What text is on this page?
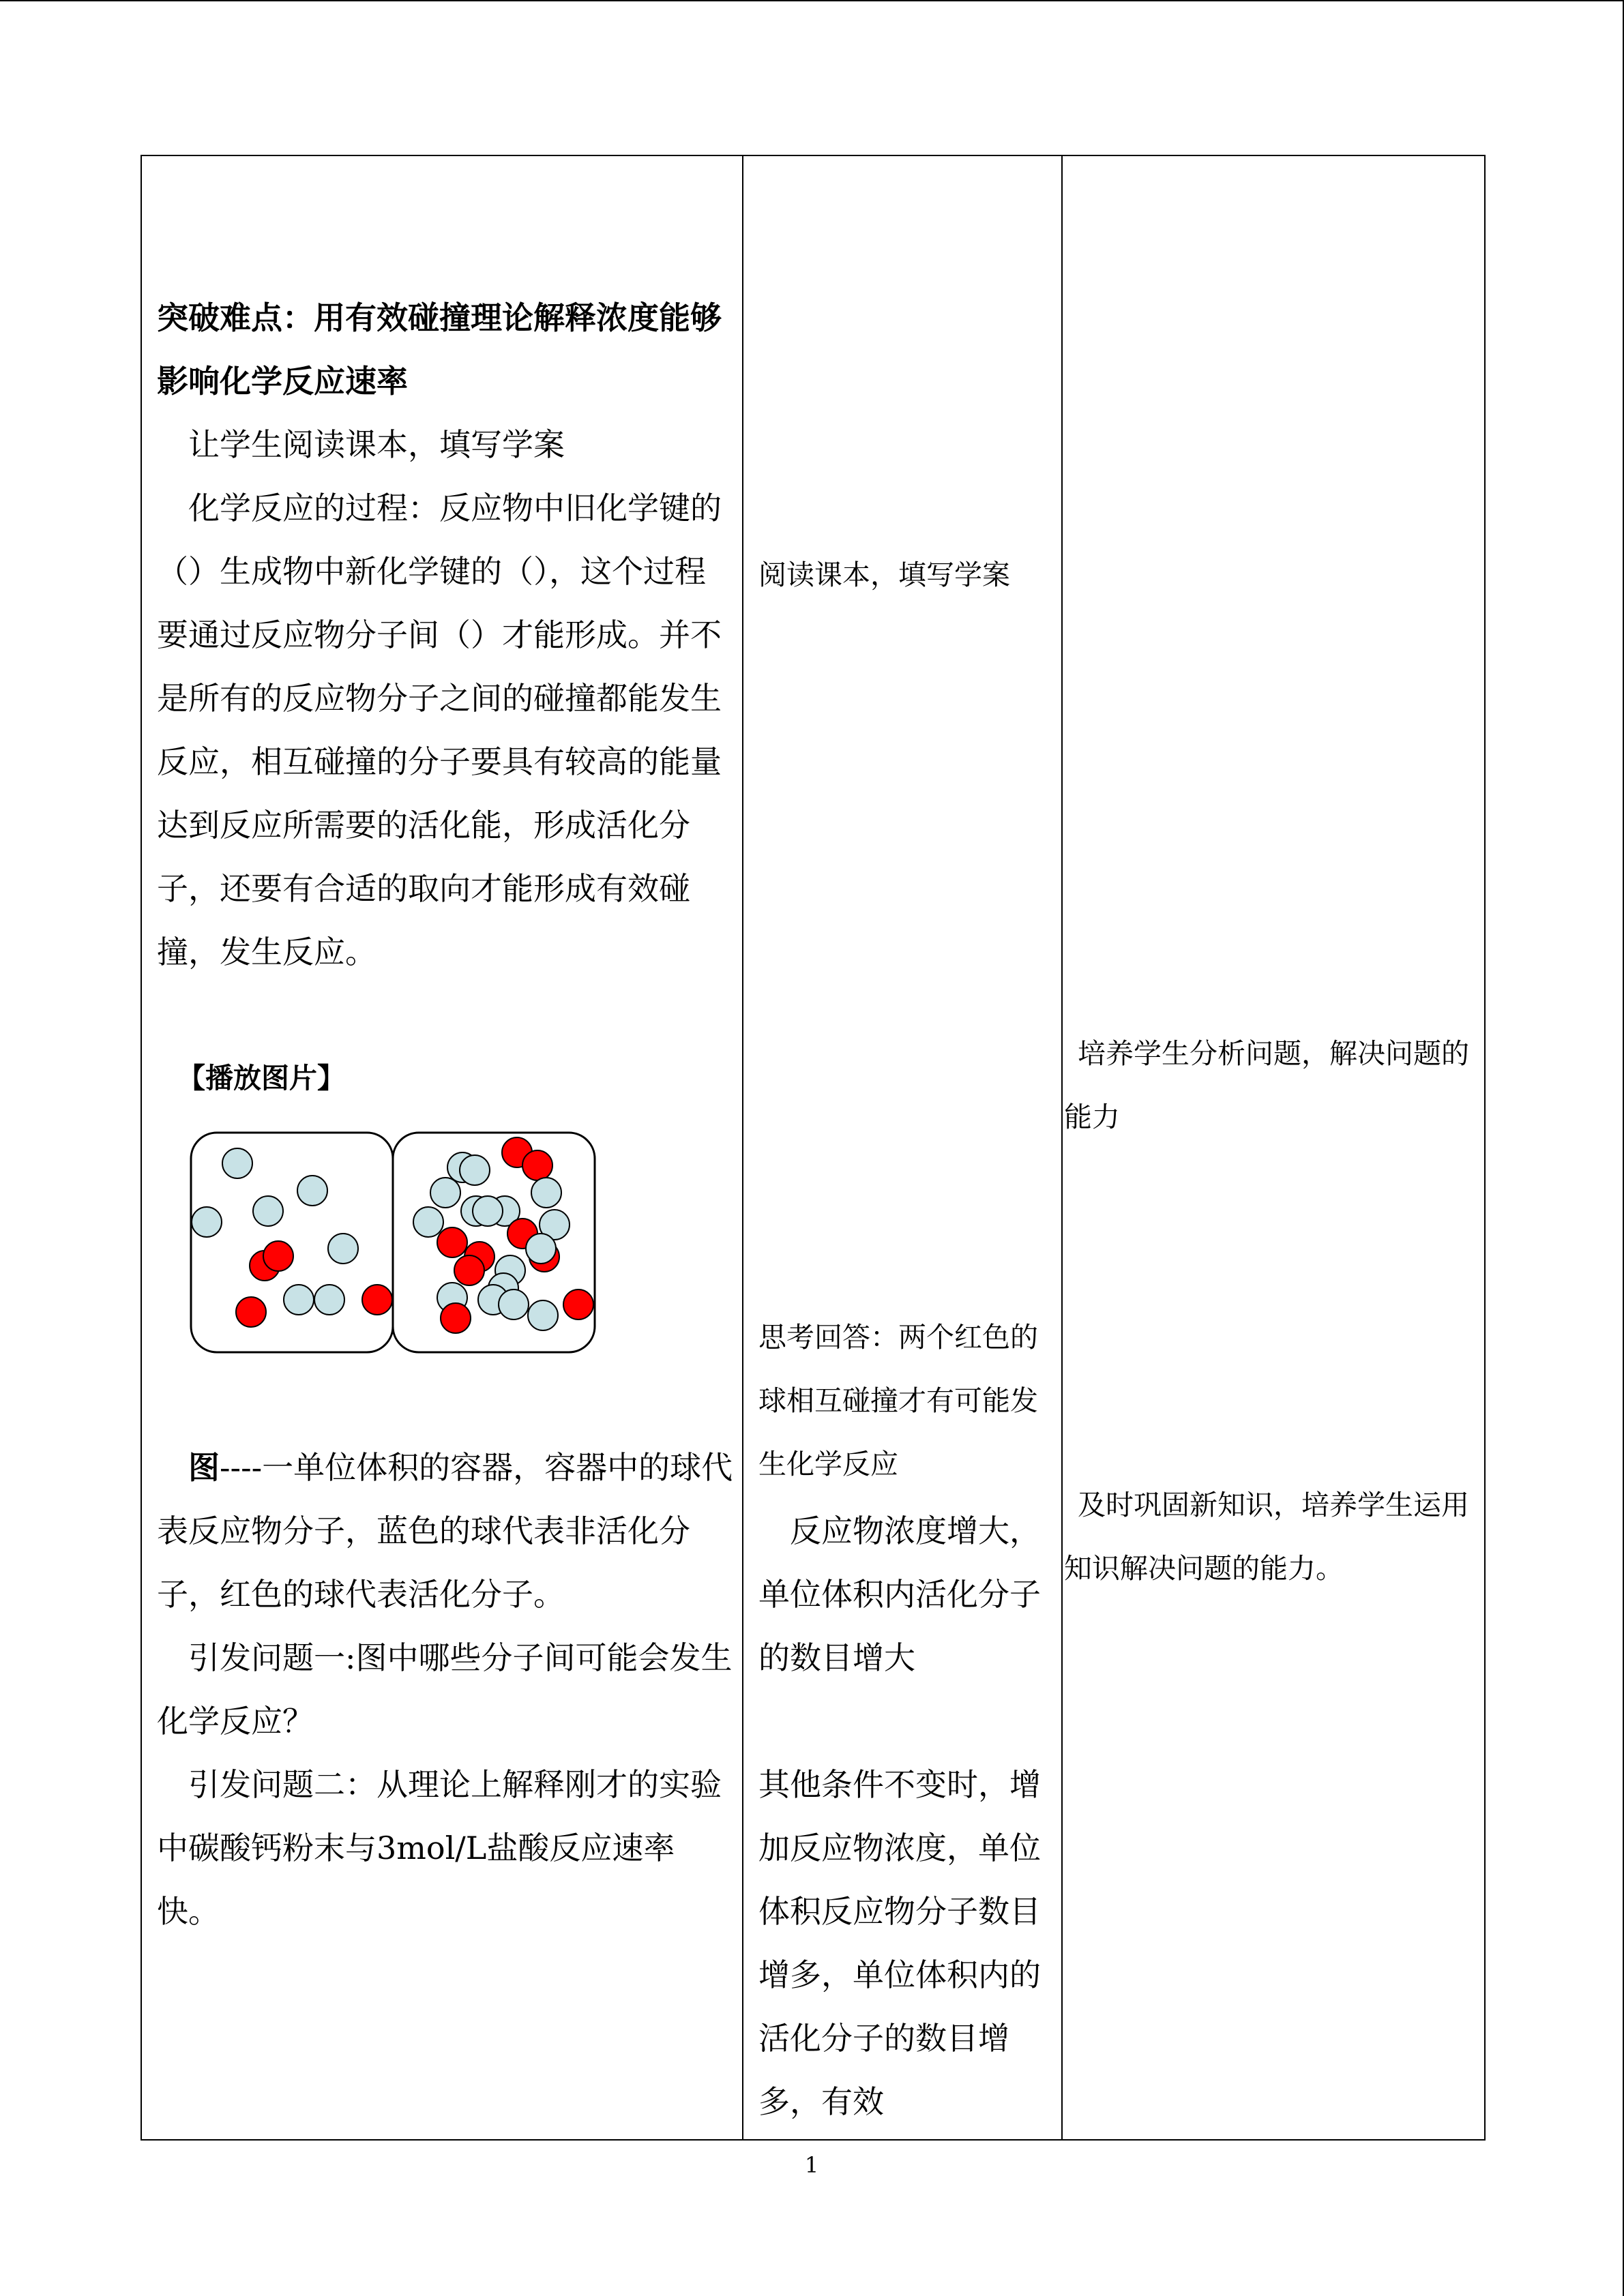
突破难点：用有效碰撞理论解释浓度能够影响化学反应速率
让学生阅读课本，填写学案
化学反应的过程：反应物中旧化学键的（）生成物中新化学键的（），这个过程要通过反应物分子间（）才能形成。并不是所有的反应物分子之间的碰撞都能发生反应，相互碰撞的分子要具有较高的能量达到反应所需要的活化能，形成活化分子，还要有合适的取向才能形成有效碰撞，发生反应。
【播放图片】
图----一单位体积的容器，容器中的球代表反应物分子，蓝色的球代表非活化分子，红色的球代表活化分子。
引发问题一:图中哪些分子间可能会发生化学反应？
引发问题二：从理论上解释刚才的实验中碳酸钙粉末与3mol/L盐酸反应速率快。

阅读课本，填写学案
思考回答：两个红色的球相互碰撞才有可能发生化学反应
反应物浓度增大，单位体积内活化分子的数目增大
其他条件不变时，增加反应物浓度，单位体积反应物分子数目增多，单位体积内的活化分子的数目增多，有效

培养学生分析问题，解决问题的能力
及时巩固新知识，培养学生运用知识解决问题的能力。
1
